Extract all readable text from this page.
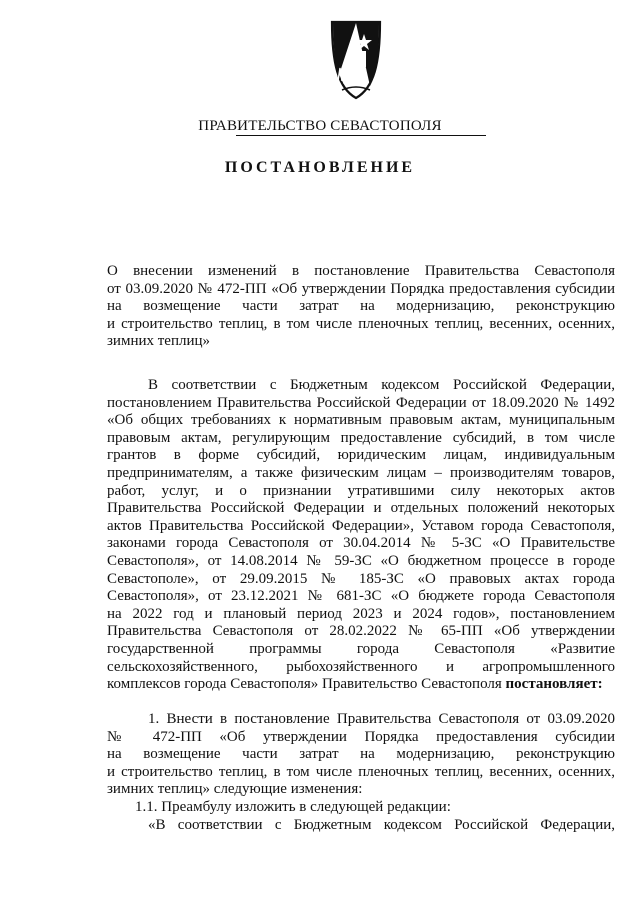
ПРАВИТЕЛЬСТВО СЕВАСТОПОЛЯ
ПОСТАНОВЛЕНИЕ
О внесении изменений в постановление Правительства Севастополя
от 03.09.2020 № 472-ПП «Об утверждении Порядка предоставления субсидии
на возмещение части затрат на модернизацию, реконструкцию
и строительство теплиц, в том числе пленочных теплиц, весенних, осенних,
зимних теплиц»
В соответствии с Бюджетным кодексом Российской Федерации,
постановлением Правительства Российской Федерации от 18.09.2020 № 1492
«Об общих требованиях к нормативным правовым актам, муниципальным
правовым актам, регулирующим предоставление субсидий, в том числе
грантов в форме субсидий, юридическим лицам, индивидуальным
предпринимателям, а также физическим лицам – производителям товаров,
работ, услуг, и о признании утратившими силу некоторых актов
Правительства Российской Федерации и отдельных положений некоторых
актов Правительства Российской Федерации», Уставом города Севастополя,
законами города Севастополя от 30.04.2014 № 5-ЗС «О Правительстве
Севастополя», от 14.08.2014 № 59-ЗС «О бюджетном процессе в городе
Севастополе», от 29.09.2015 № 185-ЗС «О правовых актах города
Севастополя», от 23.12.2021 № 681-ЗС «О бюджете города Севастополя
на 2022 год и плановый период 2023 и 2024 годов», постановлением
Правительства Севастополя от 28.02.2022 № 65-ПП «Об утверждении
государственной программы города Севастополя «Развитие
сельскохозяйственного, рыбохозяйственного и агропромышленного
комплексов города Севастополя» Правительство Севастополя постановляет:
1. Внести в постановление Правительства Севастополя от 03.09.2020
№ 472-ПП «Об утверждении Порядка предоставления субсидии
на возмещение части затрат на модернизацию, реконструкцию
и строительство теплиц, в том числе пленочных теплиц, весенних, осенних,
зимних теплиц» следующие изменения:
1.1. Преамбулу изложить в следующей редакции:
«В соответствии с Бюджетным кодексом Российской Федерации,
